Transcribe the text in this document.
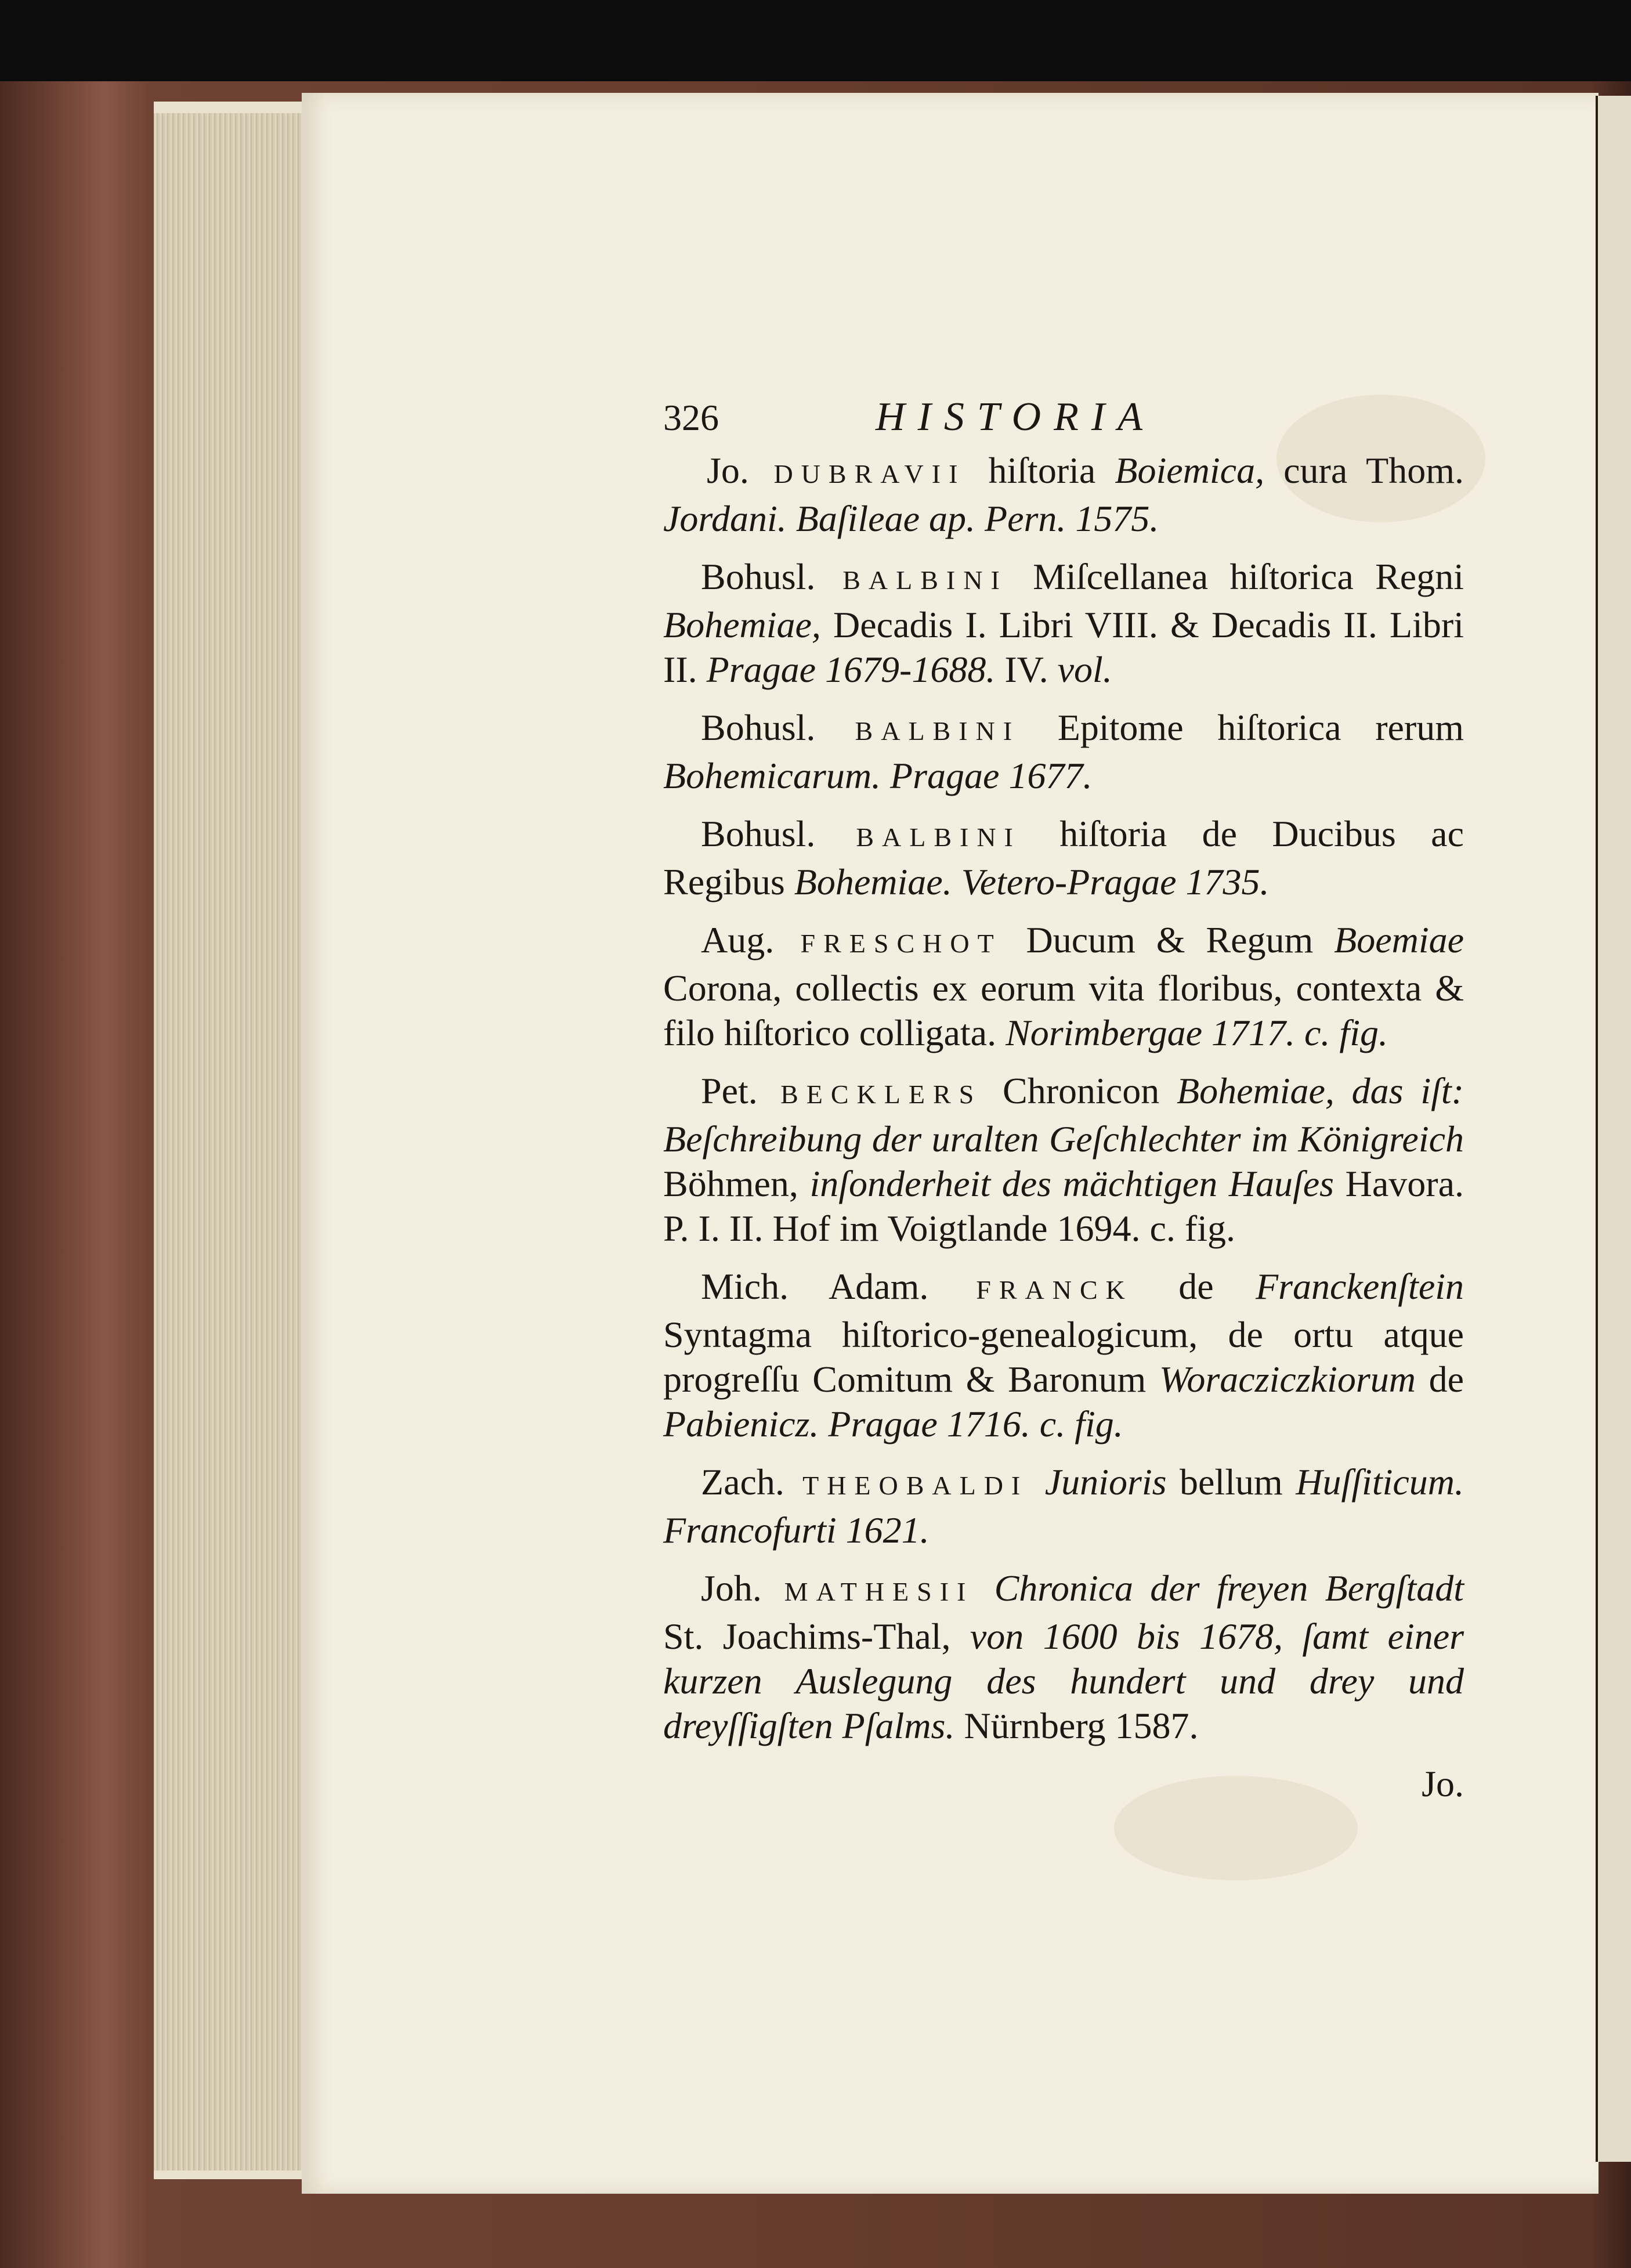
326	HISTORIA

Jo. DUBRAVII hiſtoria Boiemica, cura Thom. Jordani. Baſileae ap. Pern. 1575.

Bohusl. BALBINI Miſcellanea hiſtorica Regni Bohemiae, Decadis I. Libri VIII. & Decadis II. Libri II. Pragae 1679-1688. IV. vol.

Bohusl. BALBINI Epitome hiſtorica rerum Bohemicarum. Pragae 1677.

Bohusl. BALBINI hiſtoria de Ducibus ac Regibus Bohemiae. Vetero-Pragae 1735.

Aug. FRESCHOT Ducum & Regum Boemiae Corona, collectis ex eorum vita floribus, contexta & filo hiſtorico colligata. Norimbergae 1717. c. fig.

Pet. BECKLERS Chronicon Bohemiae, das iſt: Beſchreibung der uralten Geſchlechter im Königreich Böhmen, inſonderheit des mächtigen Hauſes Havora. P. I. II. Hof im Voigtlande 1694. c. fig.

Mich. Adam. FRANCK de Franckenſtein Syntagma hiſtorico-genealogicum, de ortu atque progreſſu Comitum & Baronum Woracziczkiorum de Pabienicz. Pragae 1716. c. fig.

Zach. THEOBALDI Junioris bellum Huſſiticum. Francofurti 1621.

Joh. MATHESII Chronica der freyen Bergſtadt St. Joachims-Thal, von 1600 bis 1678, ſamt einer kurzen Auslegung des hundert und drey und dreyſſigſten Pſalms. Nürnberg 1587.

Jo.
